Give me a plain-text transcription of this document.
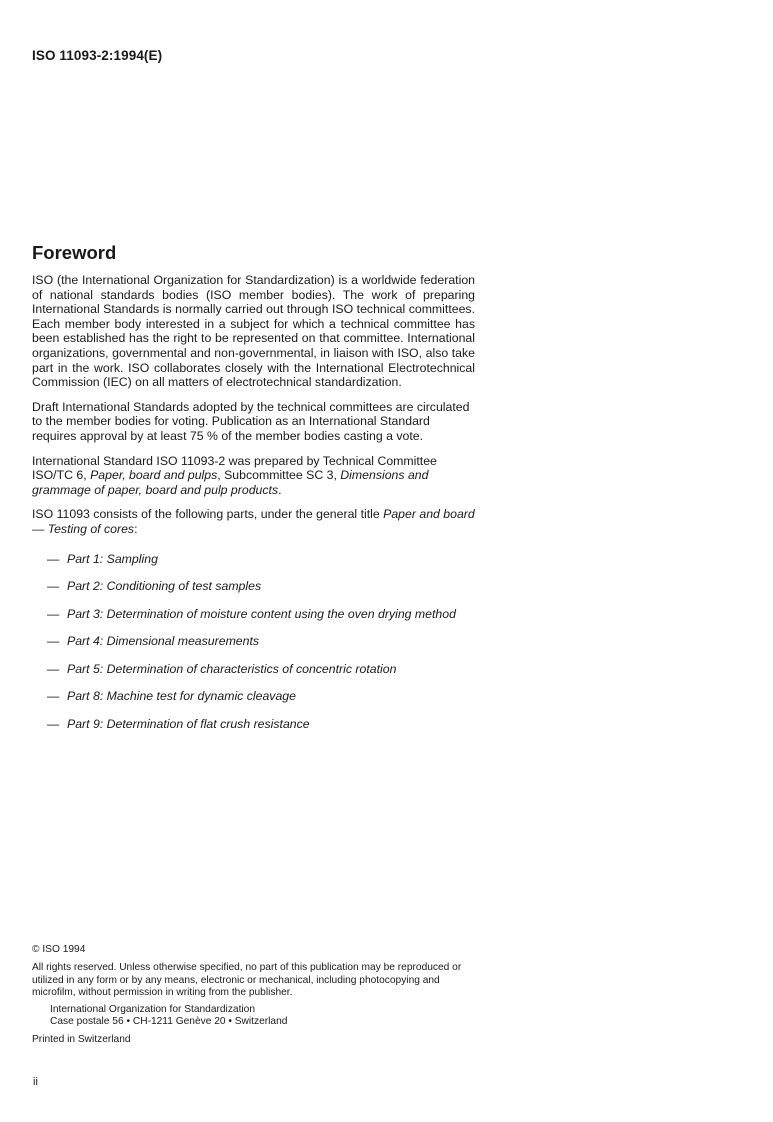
ISO 11093-2:1994(E)
Foreword

ISO (the International Organization for Standardization) is a worldwide federation of national standards bodies (ISO member bodies). The work of preparing International Standards is normally carried out through ISO technical committees. Each member body interested in a subject for which a technical committee has been established has the right to be represented on that committee. International organizations, governmental and non-governmental, in liaison with ISO, also take part in the work. ISO collaborates closely with the International Electrotechnical Commission (IEC) on all matters of electrotechnical standardization.

Draft International Standards adopted by the technical committees are circulated to the member bodies for voting. Publication as an International Standard requires approval by at least 75 % of the member bodies casting a vote.

International Standard ISO 11093-2 was prepared by Technical Committee ISO/TC 6, Paper, board and pulps, Subcommittee SC 3, Dimensions and grammage of paper, board and pulp products.

ISO 11093 consists of the following parts, under the general title Paper and board — Testing of cores:

— Part 1: Sampling
— Part 2: Conditioning of test samples
— Part 3: Determination of moisture content using the oven drying method
— Part 4: Dimensional measurements
— Part 5: Determination of characteristics of concentric rotation
— Part 8: Machine test for dynamic cleavage
— Part 9: Determination of flat crush resistance
© ISO 1994
All rights reserved. Unless otherwise specified, no part of this publication may be reproduced or utilized in any form or by any means, electronic or mechanical, including photocopying and microfilm, without permission in writing from the publisher.
International Organization for Standardization
Case postale 56 • CH-1211 Genève 20 • Switzerland
Printed in Switzerland
ii
